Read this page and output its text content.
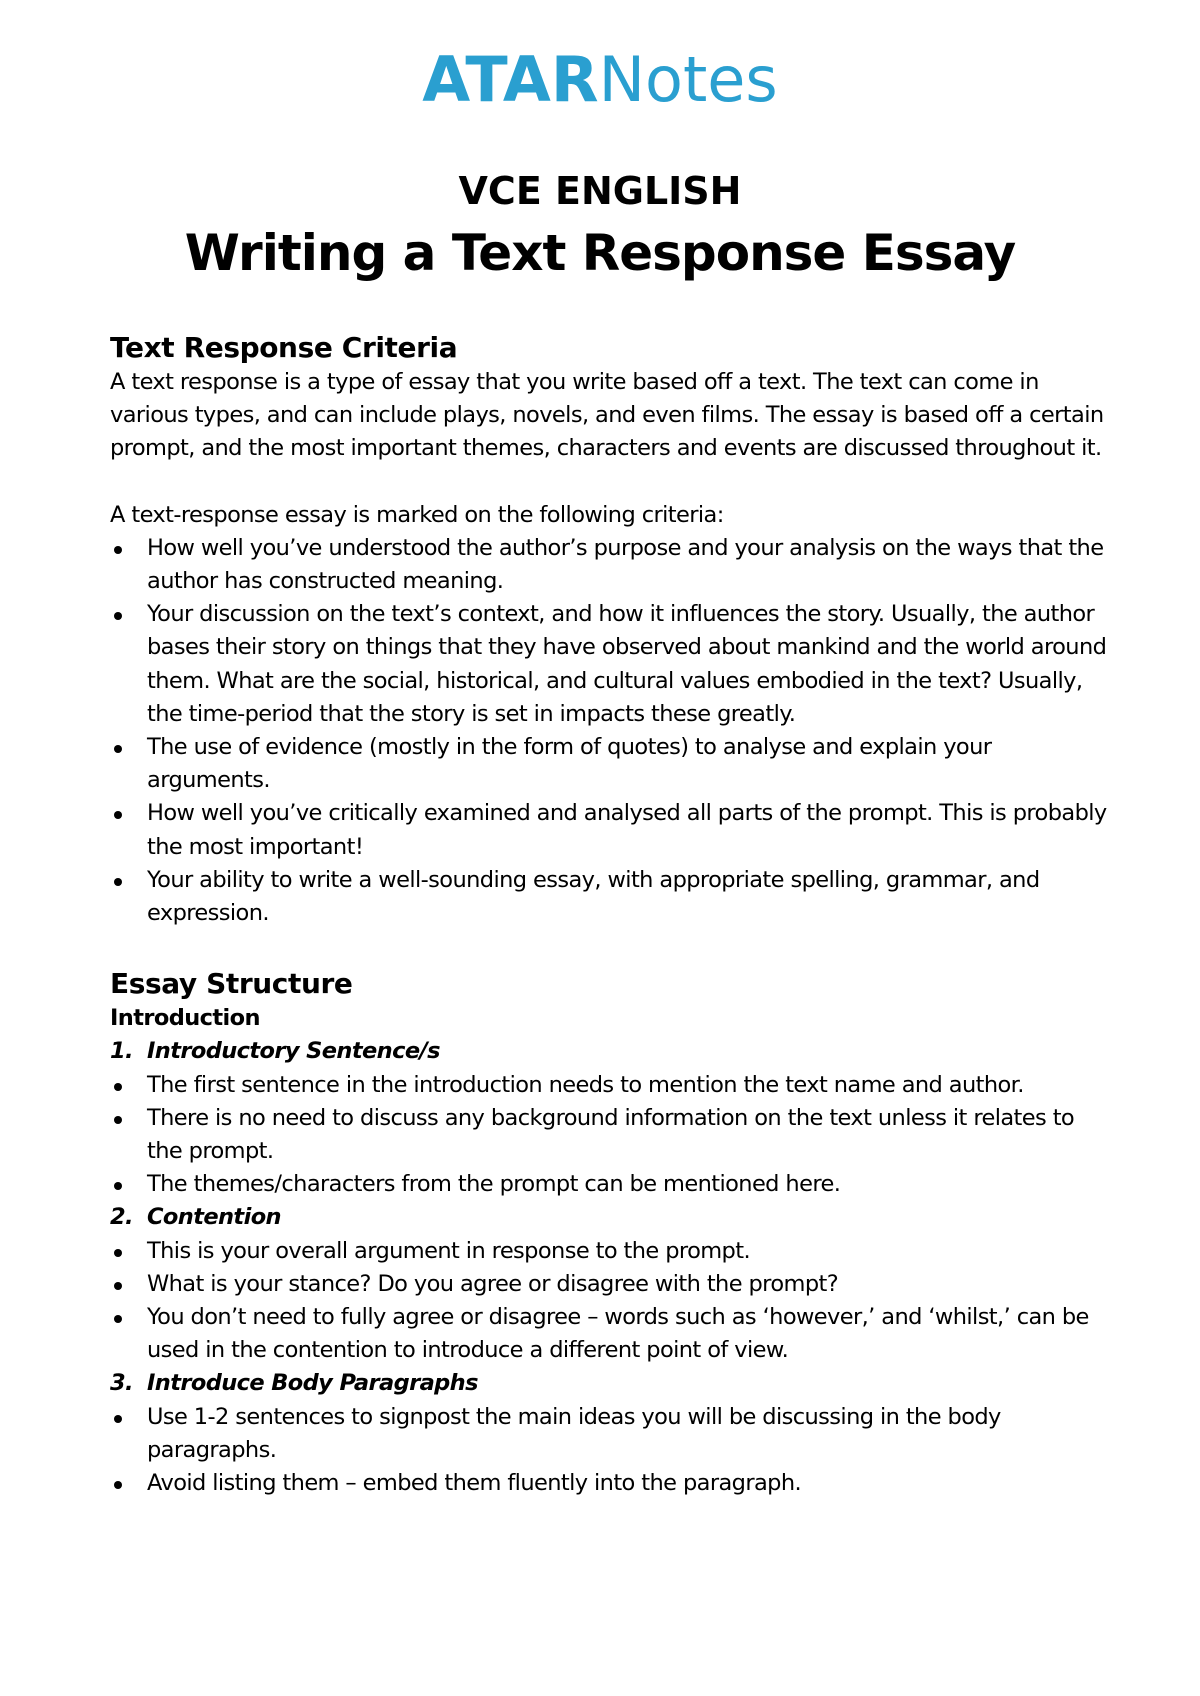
ATARNotes
VCE ENGLISH
Writing a Text Response Essay
Text Response Criteria

A text response is a type of essay that you write based off a text. The text can come in various types, and can include plays, novels, and even films. The essay is based off a certain prompt, and the most important themes, characters and events are discussed throughout it.

A text-response essay is marked on the following criteria:

How well you’ve understood the author’s purpose and your analysis on the ways that the author has constructed meaning.
Your discussion on the text’s context, and how it influences the story. Usually, the author bases their story on things that they have observed about mankind and the world around them. What are the social, historical, and cultural values embodied in the text? Usually, the time-period that the story is set in impacts these greatly.
The use of evidence (mostly in the form of quotes) to analyse and explain your arguments.
How well you’ve critically examined and analysed all parts of the prompt. This is probably the most important!
Your ability to write a well-sounding essay, with appropriate spelling, grammar, and expression.
Essay Structure
Introduction
1. Introductory Sentence/s
The first sentence in the introduction needs to mention the text name and author.
There is no need to discuss any background information on the text unless it relates to the prompt.
The themes/characters from the prompt can be mentioned here.
2. Contention
This is your overall argument in response to the prompt.
What is your stance? Do you agree or disagree with the prompt?
You don’t need to fully agree or disagree – words such as ‘however,’ and ‘whilst,’ can be used in the contention to introduce a different point of view.
3. Introduce Body Paragraphs
Use 1-2 sentences to signpost the main ideas you will be discussing in the body paragraphs.
Avoid listing them – embed them fluently into the paragraph.
